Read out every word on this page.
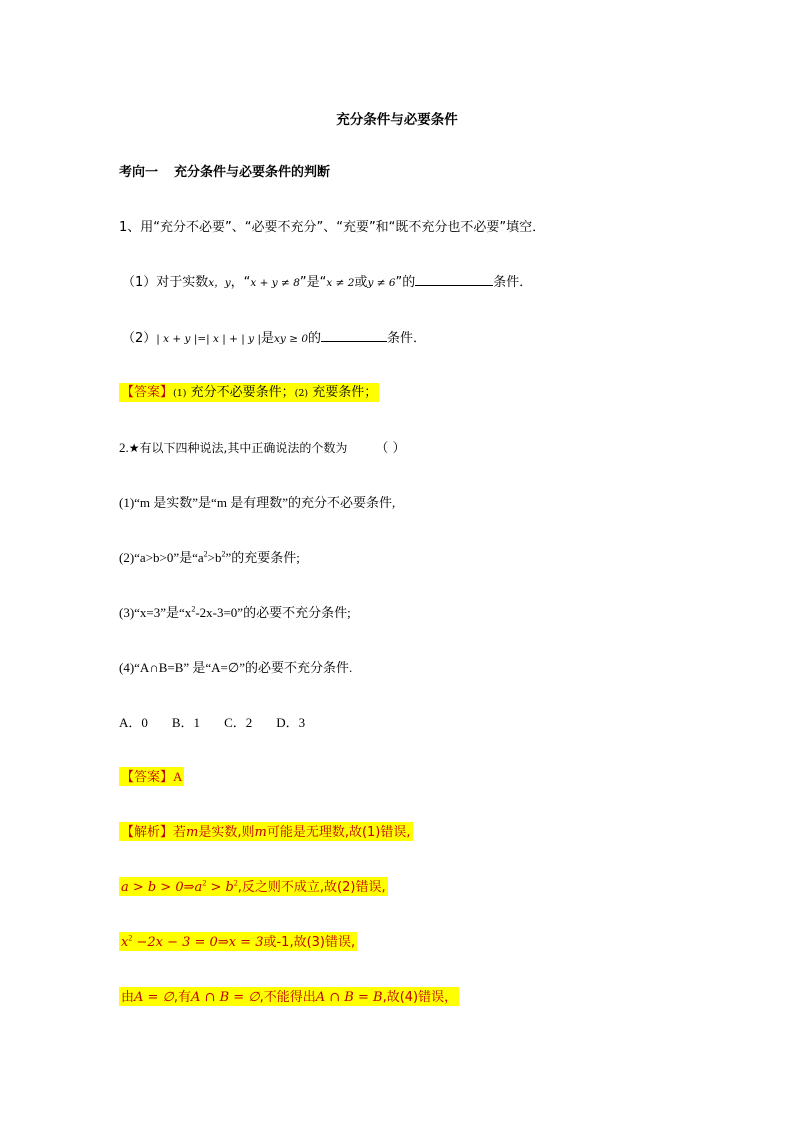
充分条件与必要条件
考向一 充分条件与必要条件的判断
1、用“充分不必要”、“必要不充分”、“充要”和“既不充分也不必要”填空．
（1）对于实数x，y，“x + y ≠ 8”是“x ≠ 2或y ≠ 6”的	条件．
（2）| x + y |=| x | + | y |是xy ≥ 0的	条件．
【答案】(1) 充分不必要条件；(2) 充要条件；
2.★有以下四种说法,其中正确说法的个数为 （ ）
(1)“m 是实数”是“m 是有理数”的充分不必要条件,
(2)“a>b>0”是“$a^2>b^2$”的充要条件;
(3)“x=3”是“$x^2-2x-3=0$”的必要不充分条件;
(4)“A∩B=B” 是“A=∅”的必要不充分条件.
A．0 B．1 C．2 D．3
【答案】A
【解析】若m是实数,则m可能是无理数,故(1)错误,
$a > b > 0\Rightarrow a^2 > b^2$,反之则不成立,故(2)错误,
$x^2 -2x - 3$ = 0⇒x = 3或-1,故(3)错误,
由A = ∅,有A ∩ B = ∅,不能得出A ∩ B = B,故(4)错误，
